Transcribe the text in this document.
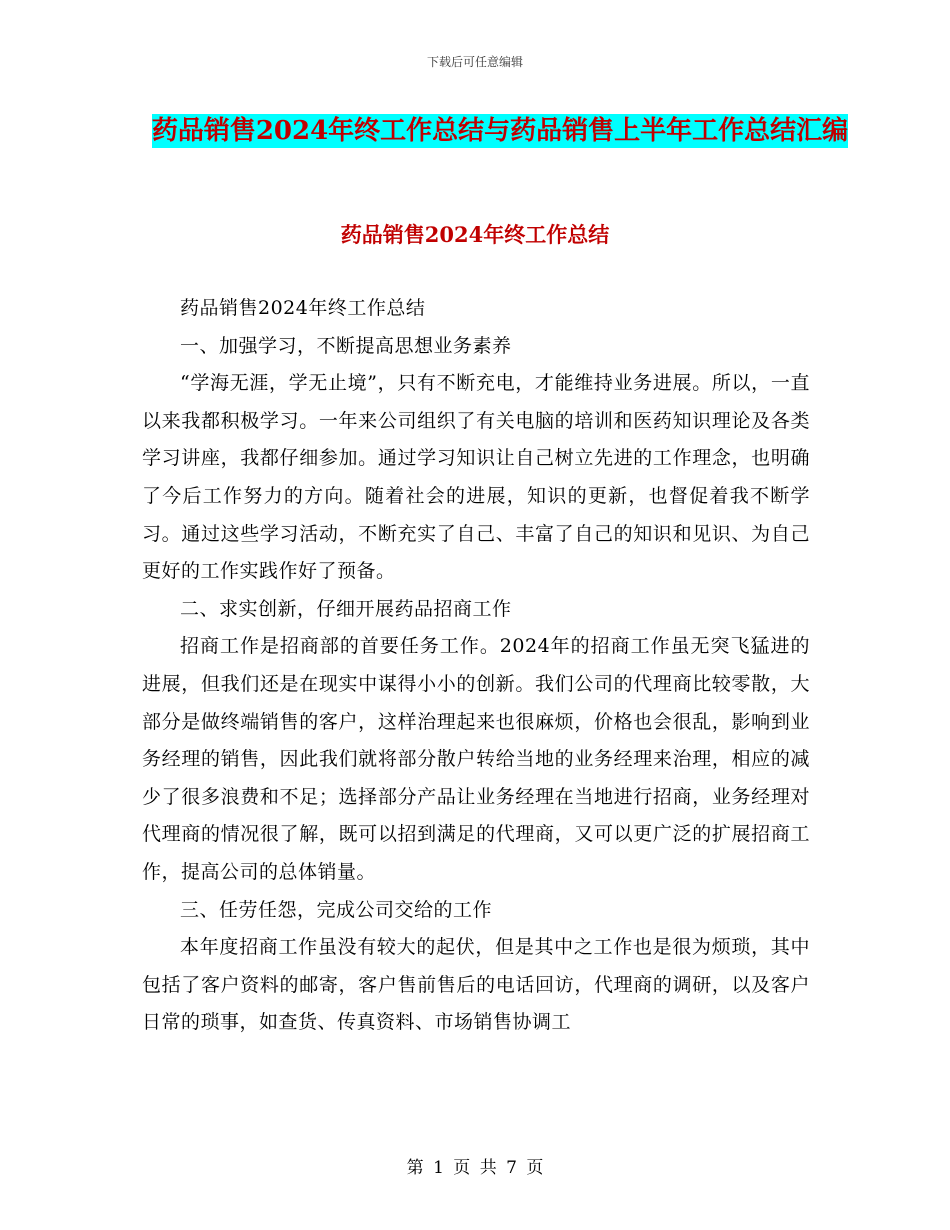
下载后可任意编辑
药品销售2024年终工作总结与药品销售上半年工作总结汇编
药品销售2024年终工作总结

药品销售2024年终工作总结

一、加强学习，不断提高思想业务素养

“学海无涯，学无止境”，只有不断充电，才能维持业务进展。所以，一直以来我都积极学习。一年来公司组织了有关电脑的培训和医药知识理论及各类学习讲座，我都仔细参加。通过学习知识让自己树立先进的工作理念，也明确了今后工作努力的方向。随着社会的进展，知识的更新，也督促着我不断学习。通过这些学习活动，不断充实了自己、丰富了自己的知识和见识、为自己更好的工作实践作好了预备。

二、求实创新，仔细开展药品招商工作

招商工作是招商部的首要任务工作。2024年的招商工作虽无突飞猛进的进展，但我们还是在现实中谋得小小的创新。我们公司的代理商比较零散，大部分是做终端销售的客户，这样治理起来也很麻烦，价格也会很乱，影响到业务经理的销售，因此我们就将部分散户转给当地的业务经理来治理，相应的减少了很多浪费和不足；选择部分产品让业务经理在当地进行招商，业务经理对代理商的情况很了解，既可以招到满足的代理商，又可以更广泛的扩展招商工作，提高公司的总体销量。

三、任劳任怨，完成公司交给的工作

本年度招商工作虽没有较大的起伏，但是其中之工作也是很为烦琐，其中包括了客户资料的邮寄，客户售前售后的电话回访，代理商的调研，以及客户日常的琐事，如查货、传真资料、市场销售协调工

第 1 页 共 7 页
